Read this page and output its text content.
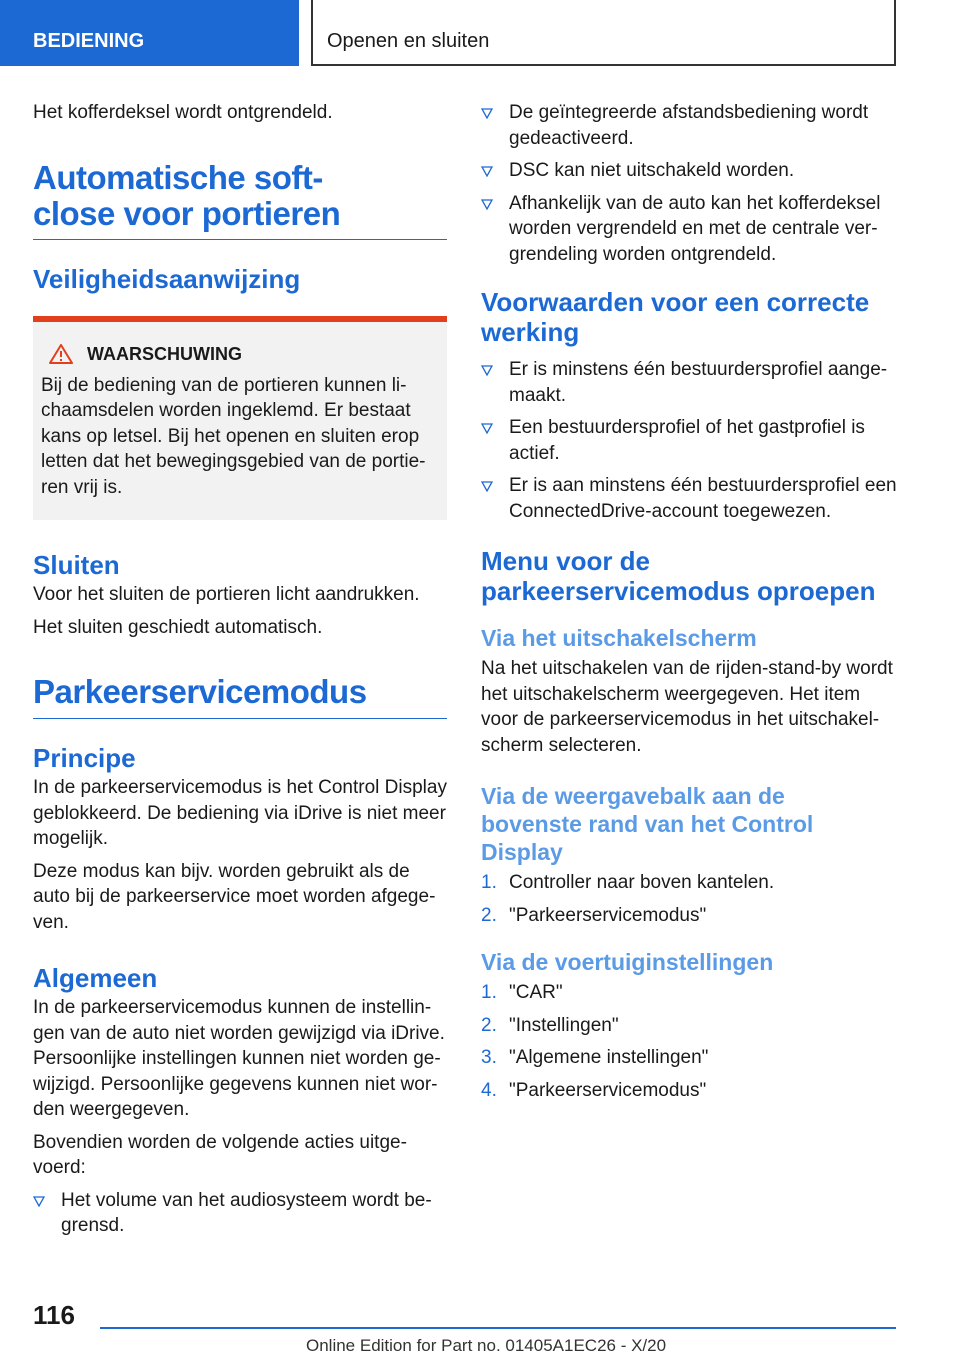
BEDIENING	Openen en sluiten

Het kofferdeksel wordt ontgrendeld.

Automatische soft-close voor portieren
Veiligheidsaanwijzing
WAARSCHUWING

Bij de bediening van de portieren kunnen li-chaamsdelen worden ingeklemd. Er bestaat kans op letsel. Bij het openen en sluiten erop letten dat het bewegingsgebied van de portie-ren vrij is.

Sluiten

Voor het sluiten de portieren licht aandrukken.

Het sluiten geschiedt automatisch.

Parkeerservicemodus
Principe

In de parkeerservicemodus is het Control Display geblokkeerd. De bediening via iDrive is niet meer mogelijk.

Deze modus kan bijv. worden gebruikt als de auto bij de parkeerservice moet worden afgege-ven.

Algemeen

In de parkeerservicemodus kunnen de instellin-gen van de auto niet worden gewijzigd via iDrive. Persoonlijke instellingen kunnen niet worden ge-wijzigd. Persoonlijke gegevens kunnen niet wor-den weergegeven.

Bovendien worden de volgende acties uitge-voerd:

Het volume van het audiosysteem wordt be-grensd.
De geïntegreerde afstandsbediening wordt gedeactiveerd.
DSC kan niet uitschakeld worden.
Afhankelijk van de auto kan het kofferdeksel worden vergrendeld en met de centrale ver-grendeling worden ontgrendeld.
Voorwaarden voor een correcte werking
Er is minstens één bestuurdersprofiel aange-maakt.
Een bestuurdersprofiel of het gastprofiel is actief.
Er is aan minstens één bestuurdersprofiel een ConnectedDrive-account toegewezen.
Menu voor de parkeerservicemodus oproepen
Via het uitschakelscherm

Na het uitschakelen van de rijden-stand-by wordt het uitschakelscherm weergegeven. Het item voor de parkeerservicemodus in het uitschakel-scherm selecteren.

Via de weergavebalk aan de bovenste rand van het Control Display
1. Controller naar boven kantelen.
2. "Parkeerservicemodus"
Via de voertuiginstellingen
1. "CAR"
2. "Instellingen"
3. "Algemene instellingen"
4. "Parkeerservicemodus"
116
Online Edition for Part no. 01405A1EC26 - X/20
